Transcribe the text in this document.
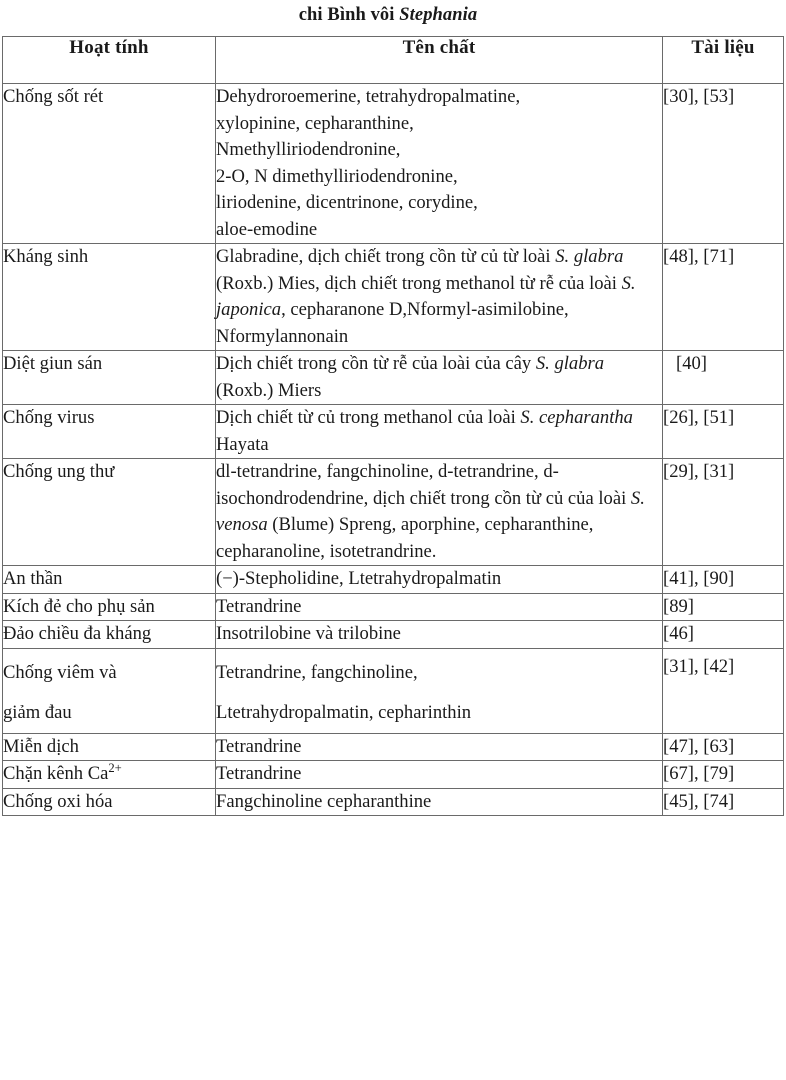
chi Bình vôi Stephania
Hoạt tính	Tên chất	Tài liệu
Chống sốt rét	Dehydroroemerine, tetrahydropalmatine,
xylopinine, cepharanthine,
Nmethylliriodendronine,
2-O, N dimethylliriodendronine,
liriodenine, dicentrinone, corydine,
aloe-emodine	[30], [53]
Kháng sinh	Glabradine, dịch chiết trong cồn từ củ từ loài S. glabra (Roxb.) Mies, dịch chiết trong methanol từ rễ của loài S. japonica, cepharanone D,Nformyl-asimilobine, Nformylannonain	[48], [71]
Diệt giun sán	Dịch chiết trong cồn từ rễ của loài của cây S. glabra (Roxb.) Miers	[40]
Chống virus	Dịch chiết từ củ trong methanol của loài S. cepharantha Hayata	[26], [51]
Chống ung thư	dl-tetrandrine, fangchinoline, d-tetrandrine, d-isochondrodendrine, dịch chiết trong cồn từ củ của loài S. venosa (Blume) Spreng, aporphine, cepharanthine, cepharanoline, isotetrandrine.	[29], [31]
An thần	(−)-Stepholidine, Ltetrahydropalmatin	[41], [90]
Kích đẻ cho phụ sản	Tetrandrine	[89]
Đảo chiều đa kháng	Insotrilobine và trilobine	[46]
Chống viêm và
giảm đau	Tetrandrine, fangchinoline,
Ltetrahydropalmatin, cepharinthin	[31], [42]
Miễn dịch	Tetrandrine	[47], [63]
Chặn kênh $Ca^{2+}$	Tetrandrine	[67], [79]
Chống oxi hóa	Fangchinoline cepharanthine	[45], [74]
